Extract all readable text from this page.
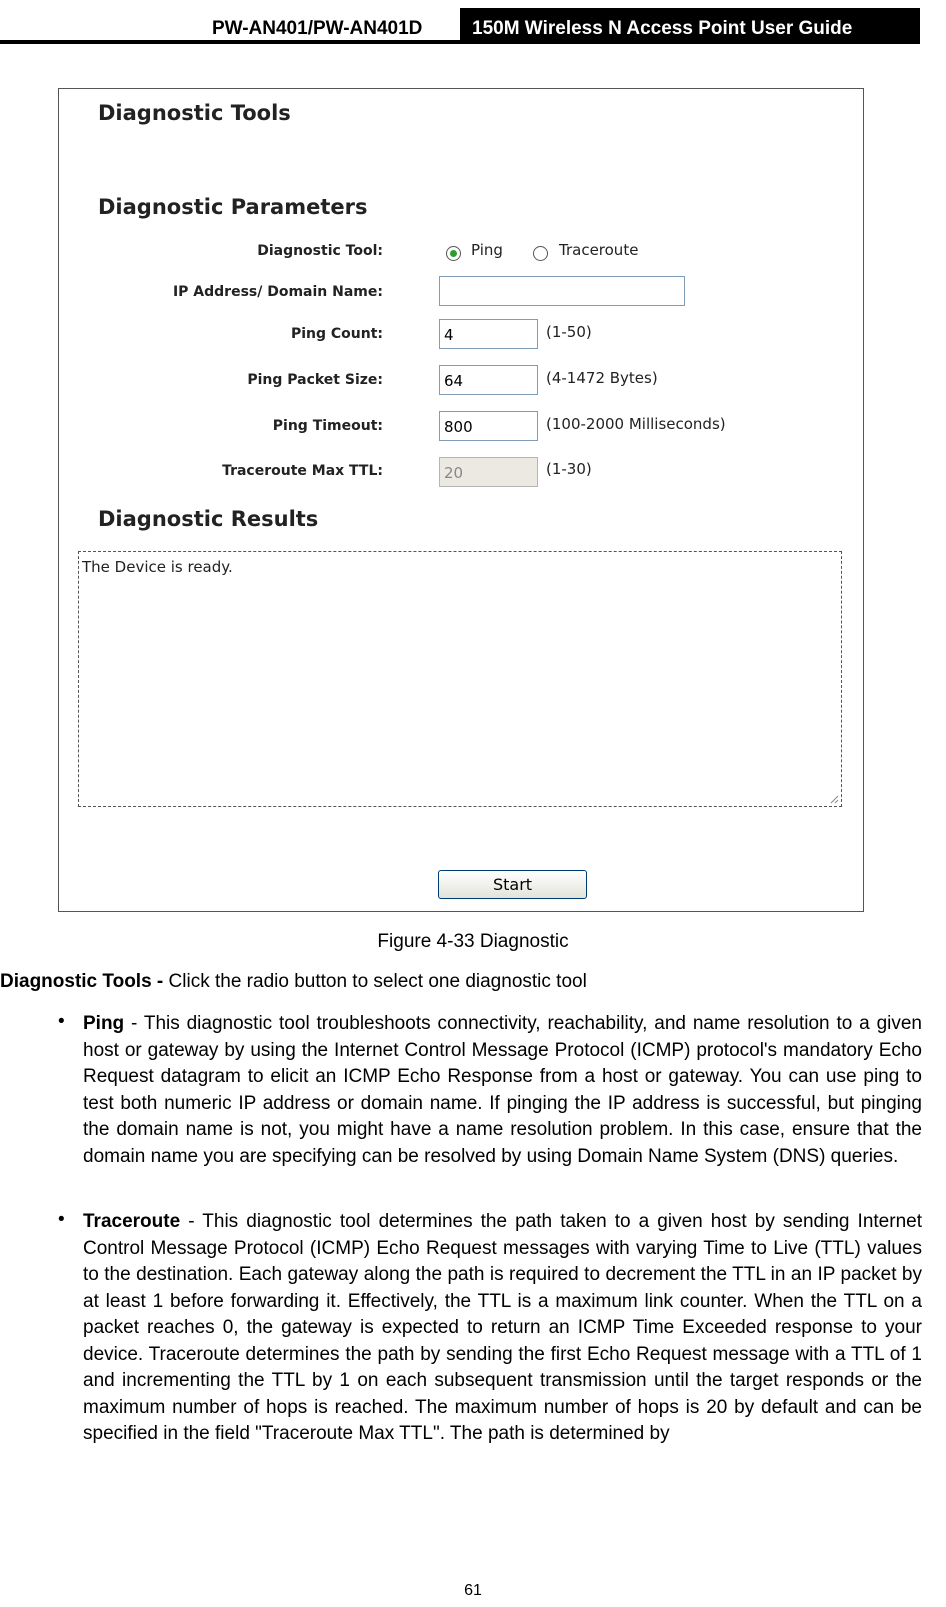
PW-AN401/PW-AN401D	150M Wireless N Access Point User Guide
Diagnostic Tools
Diagnostic Parameters
Diagnostic Tool:	Ping	Traceroute
IP Address/ Domain Name:
Ping Count:	4	(1-50)
Ping Packet Size:	64	(4-1472 Bytes)
Ping Timeout:	800	(100-2000 Milliseconds)
Traceroute Max TTL:	20	(1-30)
Diagnostic Results
The Device is ready.
Start
Figure 4-33 Diagnostic
Diagnostic Tools - Click the radio button to select one diagnostic tool
• Ping - This diagnostic tool troubleshoots connectivity, reachability, and name resolution to a given host or gateway by using the Internet Control Message Protocol (ICMP) protocol's mandatory Echo Request datagram to elicit an ICMP Echo Response from a host or gateway. You can use ping to test both numeric IP address or domain name. If pinging the IP address is successful, but pinging the domain name is not, you might have a name resolution problem. In this case, ensure that the domain name you are specifying can be resolved by using Domain Name System (DNS) queries.
• Traceroute - This diagnostic tool determines the path taken to a given host by sending Internet Control Message Protocol (ICMP) Echo Request messages with varying Time to Live (TTL) values to the destination. Each gateway along the path is required to decrement the TTL in an IP packet by at least 1 before forwarding it. Effectively, the TTL is a maximum link counter. When the TTL on a packet reaches 0, the gateway is expected to return an ICMP Time Exceeded response to your device. Traceroute determines the path by sending the first Echo Request message with a TTL of 1 and incrementing the TTL by 1 on each subsequent transmission until the target responds or the maximum number of hops is reached. The maximum number of hops is 20 by default and can be specified in the field "Traceroute Max TTL". The path is determined by
61
